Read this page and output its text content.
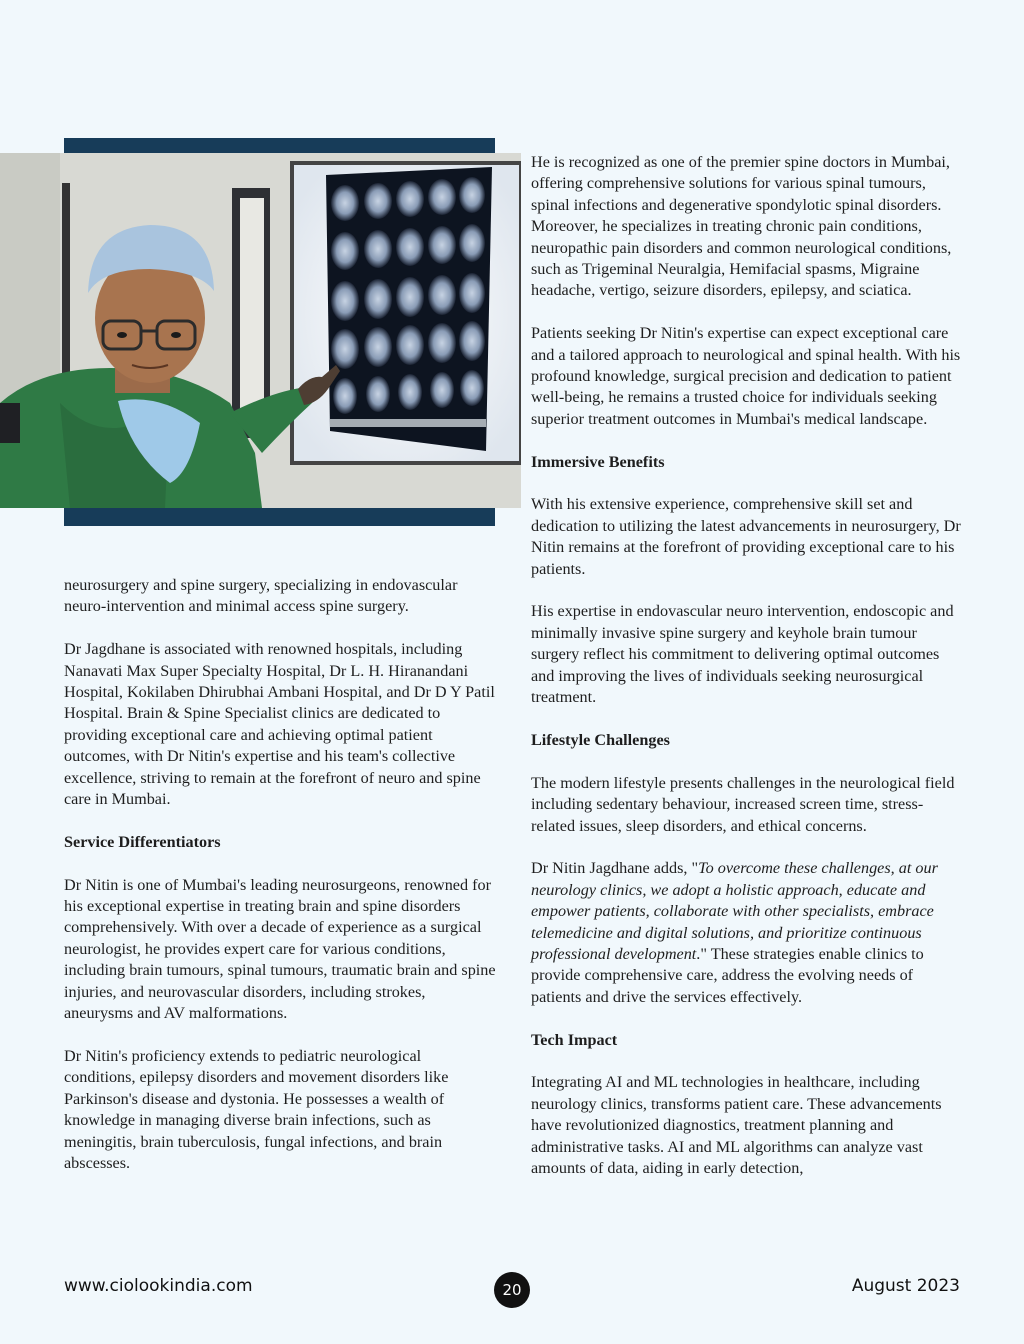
neurosurgery and spine surgery, specializing in endovascular neuro-intervention and minimal access spine surgery.

Dr Jagdhane is associated with renowned hospitals, including Nanavati Max Super Specialty Hospital, Dr L. H. Hiranandani Hospital, Kokilaben Dhirubhai Ambani Hospital, and Dr D Y Patil Hospital. Brain & Spine Specialist clinics are dedicated to providing exceptional care and achieving optimal patient outcomes, with Dr Nitin's expertise and his team's collective excellence, striving to remain at the forefront of neuro and spine care in Mumbai.

Service Differentiators

Dr Nitin is one of Mumbai's leading neurosurgeons, renowned for his exceptional expertise in treating brain and spine disorders comprehensively. With over a decade of experience as a surgical neurologist, he provides expert care for various conditions, including brain tumours, spinal tumours, traumatic brain and spine injuries, and neurovascular disorders, including strokes, aneurysms and AV malformations.

Dr Nitin's proficiency extends to pediatric neurological conditions, epilepsy disorders and movement disorders like Parkinson's disease and dystonia. He possesses a wealth of knowledge in managing diverse brain infections, such as meningitis, brain tuberculosis, fungal infections, and brain abscesses.

He is recognized as one of the premier spine doctors in Mumbai, offering comprehensive solutions for various spinal tumours, spinal infections and degenerative spondylotic spinal disorders. Moreover, he specializes in treating chronic pain conditions, neuropathic pain disorders and common neurological conditions, such as Trigeminal Neuralgia, Hemifacial spasms, Migraine headache, vertigo, seizure disorders, epilepsy, and sciatica.

Patients seeking Dr Nitin's expertise can expect exceptional care and a tailored approach to neurological and spinal health. With his profound knowledge, surgical precision and dedication to patient well-being, he remains a trusted choice for individuals seeking superior treatment outcomes in Mumbai's medical landscape.

Immersive Benefits

With his extensive experience, comprehensive skill set and dedication to utilizing the latest advancements in neurosurgery, Dr Nitin remains at the forefront of providing exceptional care to his patients.

His expertise in endovascular neuro intervention, endoscopic and minimally invasive spine surgery and keyhole brain tumour surgery reflect his commitment to delivering optimal outcomes and improving the lives of individuals seeking neurosurgical treatment.

Lifestyle Challenges

The modern lifestyle presents challenges in the neurological field including sedentary behaviour, increased screen time, stress-related issues, sleep disorders, and ethical concerns.

Dr Nitin Jagdhane adds, "To overcome these challenges, at our neurology clinics, we adopt a holistic approach, educate and empower patients, collaborate with other specialists, embrace telemedicine and digital solutions, and prioritize continuous professional development." These strategies enable clinics to provide comprehensive care, address the evolving needs of patients and drive the services effectively.

Tech Impact

Integrating AI and ML technologies in healthcare, including neurology clinics, transforms patient care. These advancements have revolutionized diagnostics, treatment planning and administrative tasks. AI and ML algorithms can analyze vast amounts of data, aiding in early detection,

www.ciolookindia.com	20	August 2023
